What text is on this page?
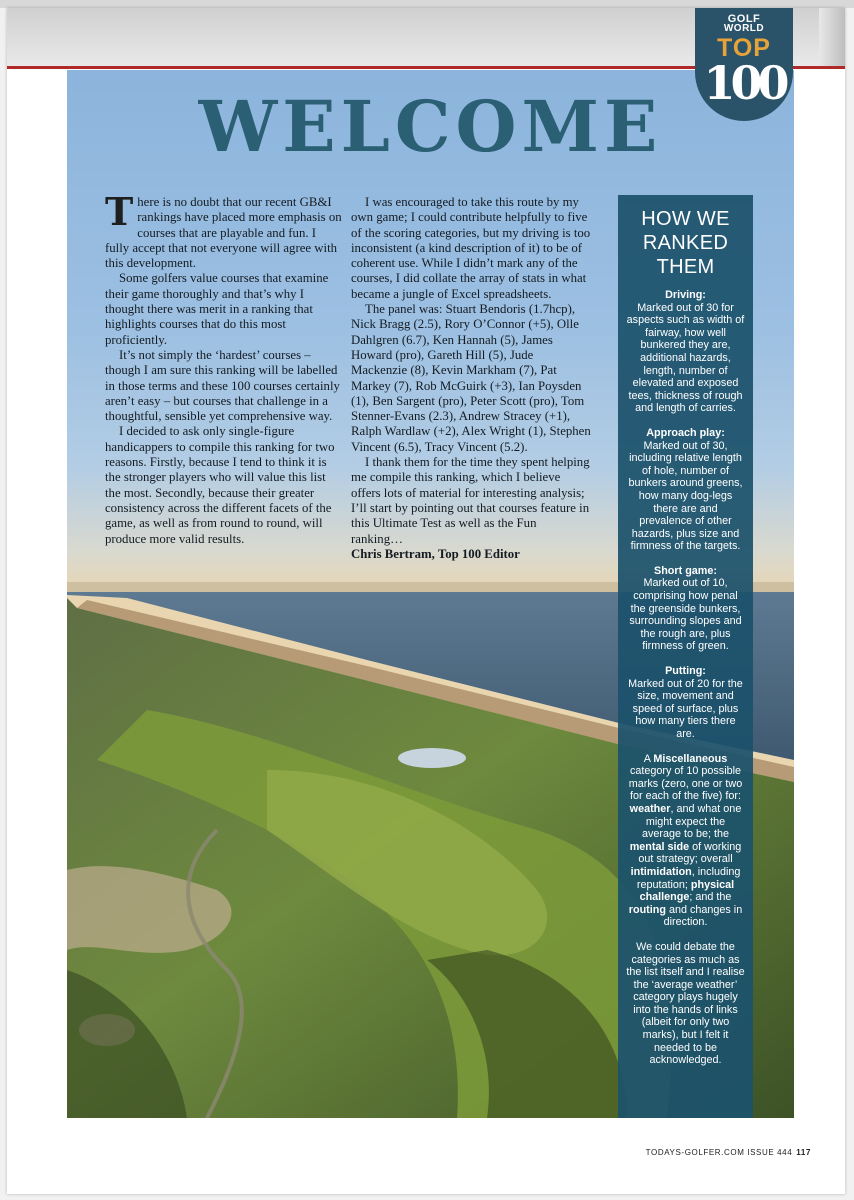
WELCOME

There is no doubt that our recent GB&I rankings have placed more emphasis on courses that are playable and fun. I fully accept that not everyone will agree with this development.

Some golfers value courses that examine their game thoroughly and that’s why I thought there was merit in a ranking that highlights courses that do this most proficiently.

It’s not simply the ‘hardest’ courses – though I am sure this ranking will be labelled in those terms and these 100 courses certainly aren’t easy – but courses that challenge in a thoughtful, sensible yet comprehensive way.

I decided to ask only single-figure handicappers to compile this ranking for two reasons. Firstly, because I tend to think it is the stronger players who will value this list the most. Secondly, because their greater consistency across the different facets of the game, as well as from round to round, will produce more valid results.

I was encouraged to take this route by my own game; I could contribute helpfully to five of the scoring categories, but my driving is too inconsistent (a kind description of it) to be of coherent use. While I didn’t mark any of the courses, I did collate the array of stats in what became a jungle of Excel spreadsheets.

The panel was: Stuart Bendoris (1.7hcp), Nick Bragg (2.5), Rory O’Connor (+5), Olle Dahlgren (6.7), Ken Hannah (5), James Howard (pro), Gareth Hill (5), Jude Mackenzie (8), Kevin Markham (7), Pat Markey (7), Rob McGuirk (+3), Ian Poysden (1), Ben Sargent (pro), Peter Scott (pro), Tom Stenner-Evans (2.3), Andrew Stracey (+1), Ralph Wardlaw (+2), Alex Wright (1), Stephen Vincent (6.5), Tracy Vincent (5.2).

I thank them for the time they spent helping me compile this ranking, which I believe offers lots of material for interesting analysis; I’ll start by pointing out that courses feature in this Ultimate Test as well as the Fun ranking…

Chris Bertram, Top 100 Editor

HOW WE RANKED THEM
Driving:
Marked out of 30 for aspects such as width of fairway, how well bunkered they are, additional hazards, length, number of elevated and exposed tees, thickness of rough and length of carries.
Approach play:
Marked out of 30, including relative length of hole, number of bunkers around greens, how many dog-legs there are and prevalence of other hazards, plus size and firmness of the targets.
Short game:
Marked out of 10, comprising how penal the greenside bunkers, surrounding slopes and the rough are, plus firmness of green.
Putting:
Marked out of 20 for the size, movement and speed of surface, plus how many tiers there are.
A Miscellaneous category of 10 possible marks (zero, one or two for each of the five) for: weather, and what one might expect the average to be; the mental side of working out strategy; overall intimidation, including reputation; physical challenge; and the routing and changes in direction.
We could debate the categories as much as the list itself and I realise the ‘average weather’ category plays hugely into the hands of links (albeit for only two marks), but I felt it needed to be acknowledged.
GOLF
WORLD
TOP
100
TODAYS-GOLFER.COM ISSUE 444 117
